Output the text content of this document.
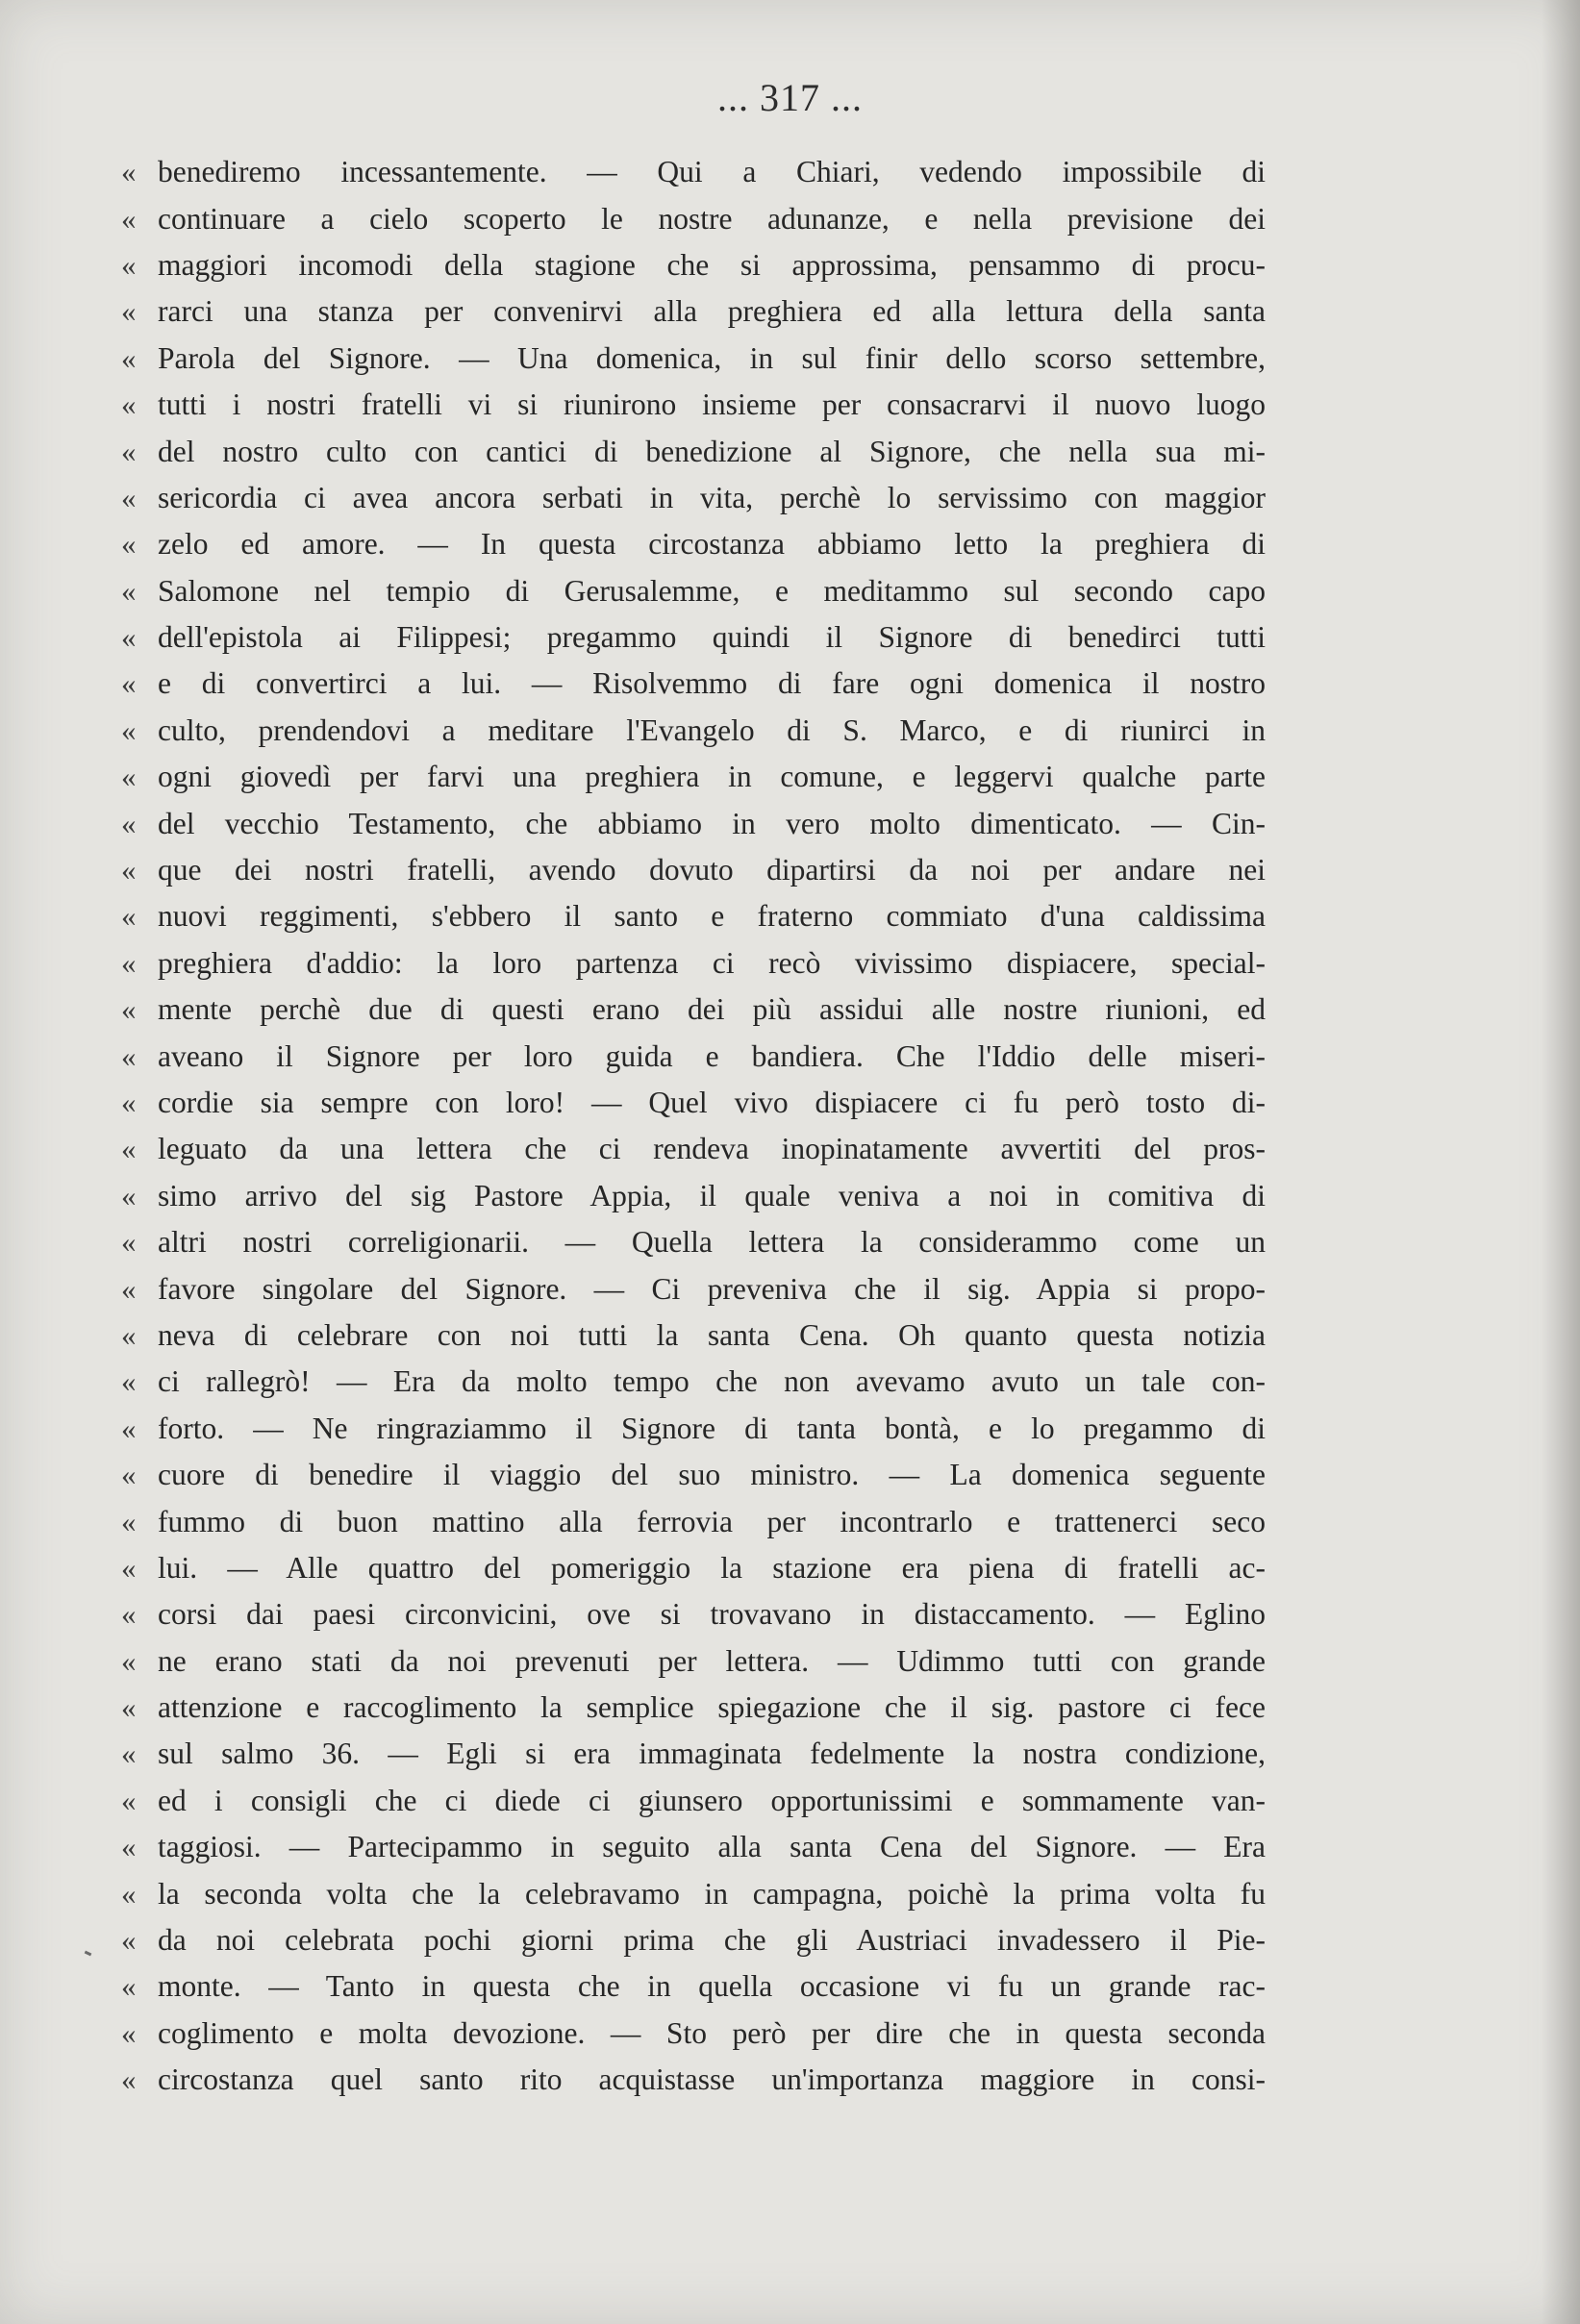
... 317 ...
« benediremo incessantemente. — Qui a Chiari, vedendo impossibile di
« continuare a cielo scoperto le nostre adunanze, e nella previsione dei
« maggiori incomodi della stagione che si approssima, pensammo di procu-
« rarci una stanza per convenirvi alla preghiera ed alla lettura della santa
« Parola del Signore. — Una domenica, in sul finir dello scorso settembre,
« tutti i nostri fratelli vi si riunirono insieme per consacrarvi il nuovo luogo
« del nostro culto con cantici di benedizione al Signore, che nella sua mi-
« sericordia ci avea ancora serbati in vita, perchè lo servissimo con maggior
« zelo ed amore. — In questa circostanza abbiamo letto la preghiera di
« Salomone nel tempio di Gerusalemme, e meditammo sul secondo capo
« dell'epistola ai Filippesi; pregammo quindi il Signore di benedirci tutti
« e di convertirci a lui. — Risolvemmo di fare ogni domenica il nostro
« culto, prendendovi a meditare l'Evangelo di S. Marco, e di riunirci in
« ogni giovedì per farvi una preghiera in comune, e leggervi qualche parte
« del vecchio Testamento, che abbiamo in vero molto dimenticato. — Cin-
« que dei nostri fratelli, avendo dovuto dipartirsi da noi per andare nei
« nuovi reggimenti, s'ebbero il santo e fraterno commiato d'una caldissima
« preghiera d'addio: la loro partenza ci recò vivissimo dispiacere, special-
« mente perchè due di questi erano dei più assidui alle nostre riunioni, ed
« aveano il Signore per loro guida e bandiera. Che l'Iddio delle miseri-
« cordie sia sempre con loro! — Quel vivo dispiacere ci fu però tosto di-
« leguato da una lettera che ci rendeva inopinatamente avvertiti del pros-
« simo arrivo del sig Pastore Appia, il quale veniva a noi in comitiva di
« altri nostri correligionarii. — Quella lettera la considerammo come un
« favore singolare del Signore. — Ci preveniva che il sig. Appia si propo-
« neva di celebrare con noi tutti la santa Cena. Oh quanto questa notizia
« ci rallegrò! — Era da molto tempo che non avevamo avuto un tale con-
« forto. — Ne ringraziammo il Signore di tanta bontà, e lo pregammo di
« cuore di benedire il viaggio del suo ministro. — La domenica seguente
« fummo di buon mattino alla ferrovia per incontrarlo e trattenerci seco
« lui. — Alle quattro del pomeriggio la stazione era piena di fratelli ac-
« corsi dai paesi circonvicini, ove si trovavano in distaccamento. — Eglino
« ne erano stati da noi prevenuti per lettera. — Udimmo tutti con grande
« attenzione e raccoglimento la semplice spiegazione che il sig. pastore ci fece
« sul salmo 36. — Egli si era immaginata fedelmente la nostra condizione,
« ed i consigli che ci diede ci giunsero opportunissimi e sommamente van-
« taggiosi. — Partecipammo in seguito alla santa Cena del Signore. — Era
« la seconda volta che la celebravamo in campagna, poichè la prima volta fu
« da noi celebrata pochi giorni prima che gli Austriaci invadessero il Pie-
« monte. — Tanto in questa che in quella occasione vi fu un grande rac-
« coglimento e molta devozione. — Sto però per dire che in questa seconda
« circostanza quel santo rito acquistasse un'importanza maggiore in consi-
